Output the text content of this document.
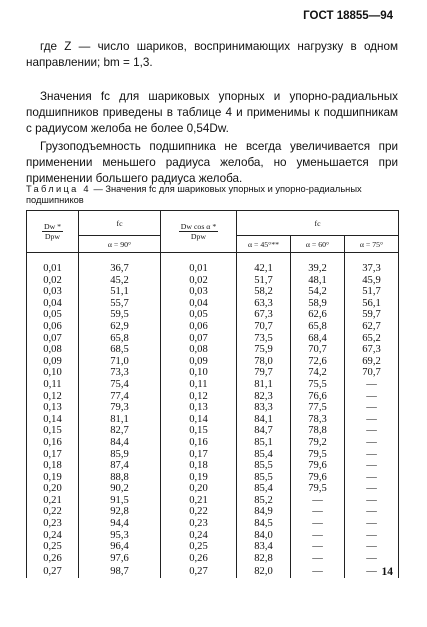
ГОСТ 18855—94

где Z — число шариков, воспринимающих нагрузку в одном направлении; bm = 1,3.

Значения fc для шариковых упорных и упорно-радиальных подшипников приведены в таблице 4 и применимы к подшипникам с радиусом желоба не более 0,54Dw.

Грузоподъемность подшипника не всегда увеличивается при применении меньшего радиуса желоба, но уменьшается при применении большего радиуса желоба.

Таблица 4 — Значения fc для шариковых упорных и упорно-радиальных подшипников
$\frac{Dw *}{\text{Dpw}}$	fc	$\frac{\text{Dw cos α *}}{\text{Dpw}}$	fc		
	α = 90°		α = 45°**	α = 60°	α = 75°

0,01	36,7	0,01	42,1	39,2	37,3
0,02	45,2	0,02	51,7	48,1	45,9
0,03	51,1	0,03	58,2	54,2	51,7
0,04	55,7	0,04	63,3	58,9	56,1
0,05	59,5	0,05	67,3	62,6	59,7
0,06	62,9	0,06	70,7	65,8	62,7
0,07	65,8	0,07	73,5	68,4	65,2
0,08	68,5	0,08	75,9	70,7	67,3
0,09	71,0	0,09	78,0	72,6	69,2
0,10	73,3	0,10	79,7	74,2	70,7
0,11	75,4	0,11	81,1	75,5	—
0,12	77,4	0,12	82,3	76,6	—
0,13	79,3	0,13	83,3	77,5	—
0,14	81,1	0,14	84,1	78,3	—
0,15	82,7	0,15	84,7	78,8	—
0,16	84,4	0,16	85,1	79,2	—
0,17	85,9	0,17	85,4	79,5	—
0,18	87,4	0,18	85,5	79,6	—
0,19	88,8	0,19	85,5	79,6	—
0,20	90,2	0,20	85,4	79,5	—
0,21	91,5	0,21	85,2	—	—
0,22	92,8	0,22	84,9	—	—
0,23	94,4	0,23	84,5	—	—
0,24	95,3	0,24	84,0	—	—
0,25	96,4	0,25	83,4	—	—
0,26	97,6	0,26	82,8	—	—
0,27	98,7	0,27	82,0	—	— 14
